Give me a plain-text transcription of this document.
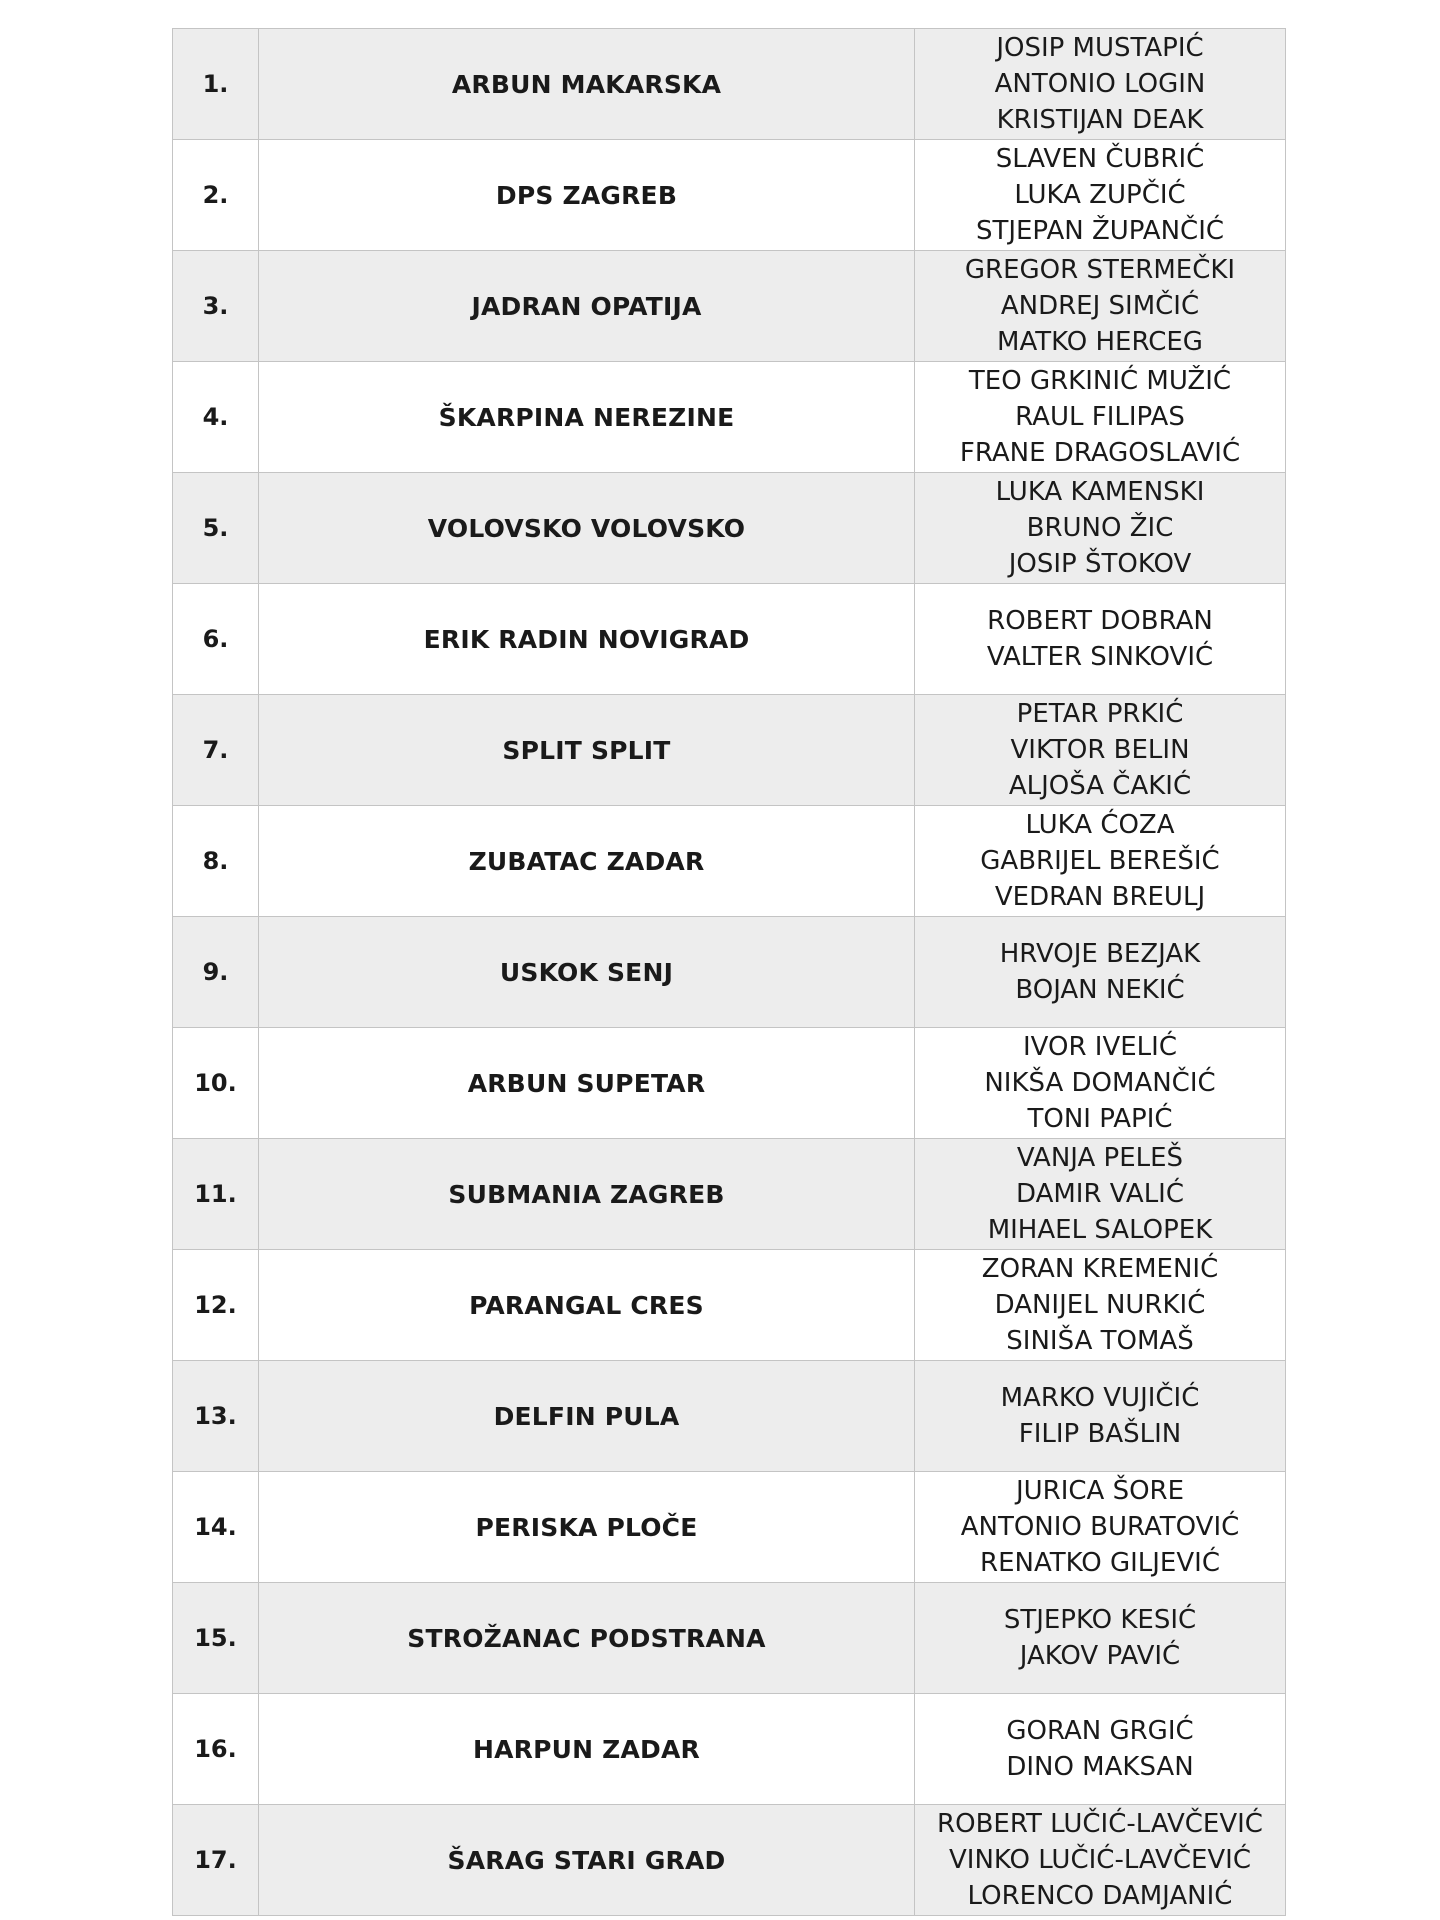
1.	ARBUN MAKARSKA	JOSIP MUSTAPIĆ
ANTONIO LOGIN
KRISTIJAN DEAK

2.	DPS ZAGREB	SLAVEN ČUBRIĆ
LUKA ZUPČIĆ
STJEPAN ŽUPANČIĆ

3.	JADRAN OPATIJA	GREGOR STERMEČKI
ANDREJ SIMČIĆ
MATKO HERCEG

4.	ŠKARPINA NEREZINE	TEO GRKINIĆ MUŽIĆ
RAUL FILIPAS
FRANE DRAGOSLAVIĆ

5.	VOLOVSKO VOLOVSKO	LUKA KAMENSKI
BRUNO ŽIC
JOSIP ŠTOKOV

6.	ERIK RADIN NOVIGRAD	ROBERT DOBRAN
VALTER SINKOVIĆ

7.	SPLIT SPLIT	PETAR PRKIĆ
VIKTOR BELIN
ALJOŠA ČAKIĆ

8.	ZUBATAC ZADAR	LUKA ĆOZA
GABRIJEL BEREŠIĆ
VEDRAN BREULJ

9.	USKOK SENJ	HRVOJE BEZJAK
BOJAN NEKIĆ

10.	ARBUN SUPETAR	IVOR IVELIĆ
NIKŠA DOMANČIĆ
TONI PAPIĆ

11.	SUBMANIA ZAGREB	VANJA PELEŠ
DAMIR VALIĆ
MIHAEL SALOPEK

12.	PARANGAL CRES	ZORAN KREMENIĆ
DANIJEL NURKIĆ
SINIŠA TOMAŠ

13.	DELFIN PULA	MARKO VUJIČIĆ
FILIP BAŠLIN

14.	PERISKA PLOČE	JURICA ŠORE
ANTONIO BURATOVIĆ
RENATKO GILJEVIĆ

15.	STROŽANAC PODSTRANA	STJEPKO KESIĆ
JAKOV PAVIĆ

16.	HARPUN ZADAR	GORAN GRGIĆ
DINO MAKSAN

17.	ŠARAG STARI GRAD	ROBERT LUČIĆ-LAVČEVIĆ
VINKO LUČIĆ-LAVČEVIĆ
LORENCO DAMJANIĆ
